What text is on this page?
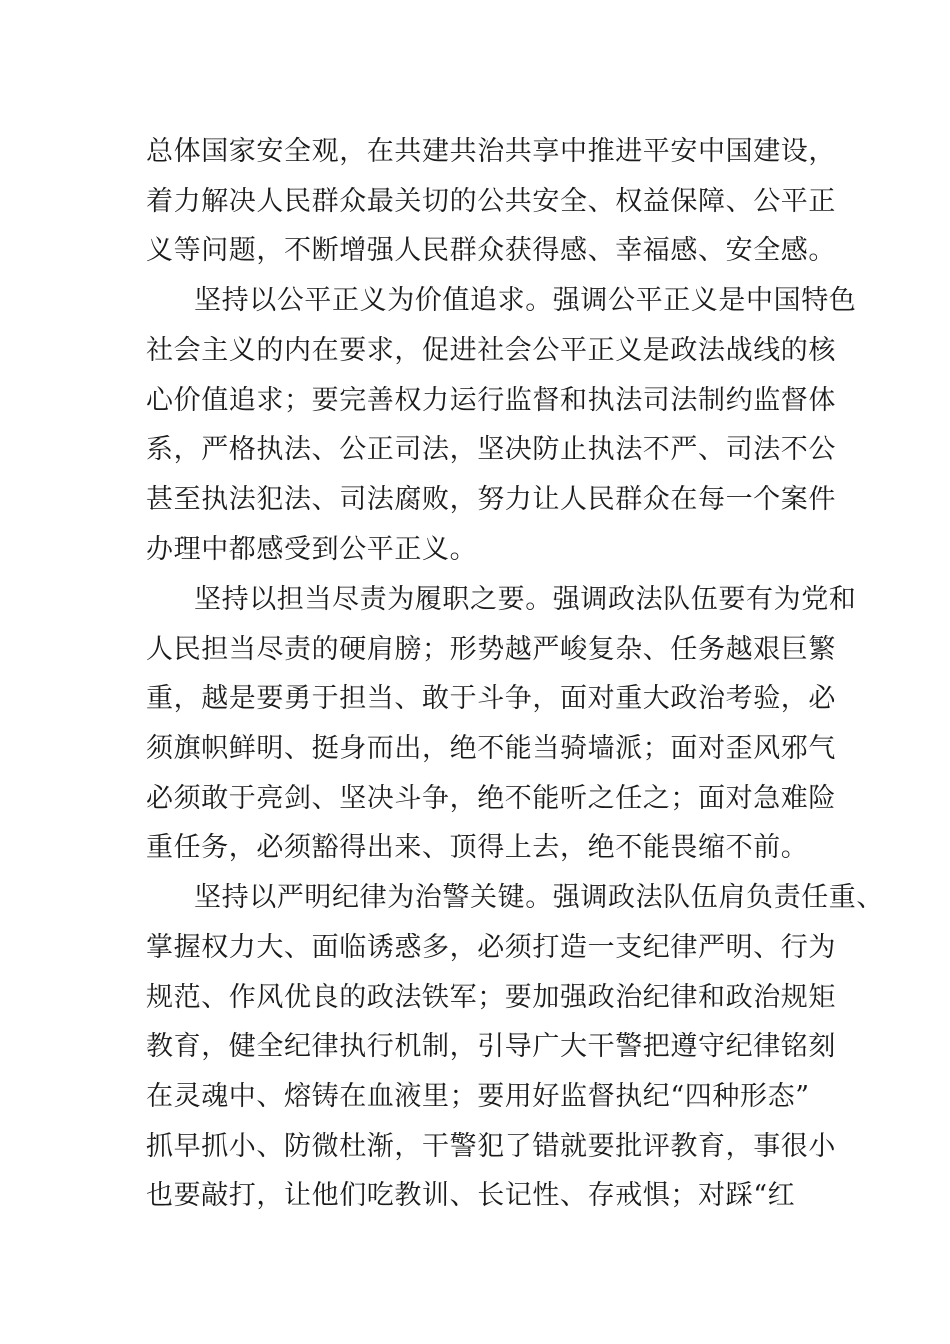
总体国家安全观，在共建共治共享中推进平安中国建设，
着力解决人民群众最关切的公共安全、权益保障、公平正
义等问题，不断增强人民群众获得感、幸福感、安全感。
坚持以公平正义为价值追求。强调公平正义是中国特色
社会主义的内在要求，促进社会公平正义是政法战线的核
心价值追求；要完善权力运行监督和执法司法制约监督体
系，严格执法、公正司法，坚决防止执法不严、司法不公
甚至执法犯法、司法腐败，努力让人民群众在每一个案件
办理中都感受到公平正义。
坚持以担当尽责为履职之要。强调政法队伍要有为党和
人民担当尽责的硬肩膀；形势越严峻复杂、任务越艰巨繁
重，越是要勇于担当、敢于斗争，面对重大政治考验，必
须旗帜鲜明、挺身而出，绝不能当骑墙派；面对歪风邪气
必须敢于亮剑、坚决斗争，绝不能听之任之；面对急难险
重任务，必须豁得出来、顶得上去，绝不能畏缩不前。
坚持以严明纪律为治警关键。强调政法队伍肩负责任重、
掌握权力大、面临诱惑多，必须打造一支纪律严明、行为
规范、作风优良的政法铁军；要加强政治纪律和政治规矩
教育，健全纪律执行机制，引导广大干警把遵守纪律铭刻
在灵魂中、熔铸在血液里；要用好监督执纪“四种形态”
抓早抓小、防微杜渐，干警犯了错就要批评教育，事很小
也要敲打，让他们吃教训、长记性、存戒惧；对踩“红
